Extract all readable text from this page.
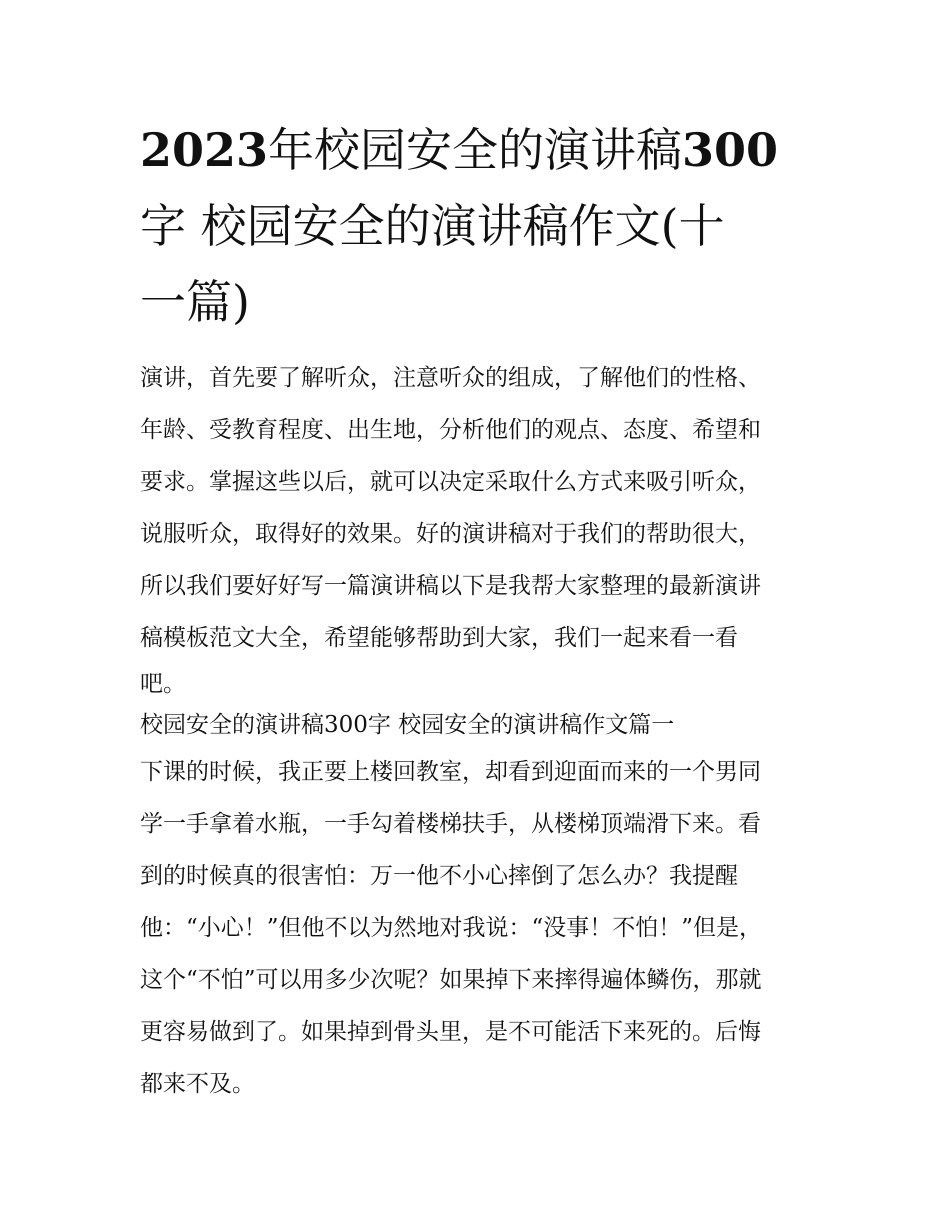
2023年校园安全的演讲稿300
字 校园安全的演讲稿作文(十
一篇)
演讲，首先要了解听众，注意听众的组成，了解他们的性格、
年龄、受教育程度、出生地，分析他们的观点、态度、希望和
要求。掌握这些以后，就可以决定采取什么方式来吸引听众，
说服听众，取得好的效果。好的演讲稿对于我们的帮助很大，
所以我们要好好写一篇演讲稿以下是我帮大家整理的最新演讲
稿模板范文大全，希望能够帮助到大家，我们一起来看一看
吧。
校园安全的演讲稿300字 校园安全的演讲稿作文篇一
下课的时候，我正要上楼回教室，却看到迎面而来的一个男同
学一手拿着水瓶，一手勾着楼梯扶手，从楼梯顶端滑下来。看
到的时候真的很害怕：万一他不小心摔倒了怎么办？我提醒
他：“小心！”但他不以为然地对我说：“没事！不怕！”但是，
这个“不怕”可以用多少次呢？如果掉下来摔得遍体鳞伤，那就
更容易做到了。如果掉到骨头里，是不可能活下来死的。后悔
都来不及。
